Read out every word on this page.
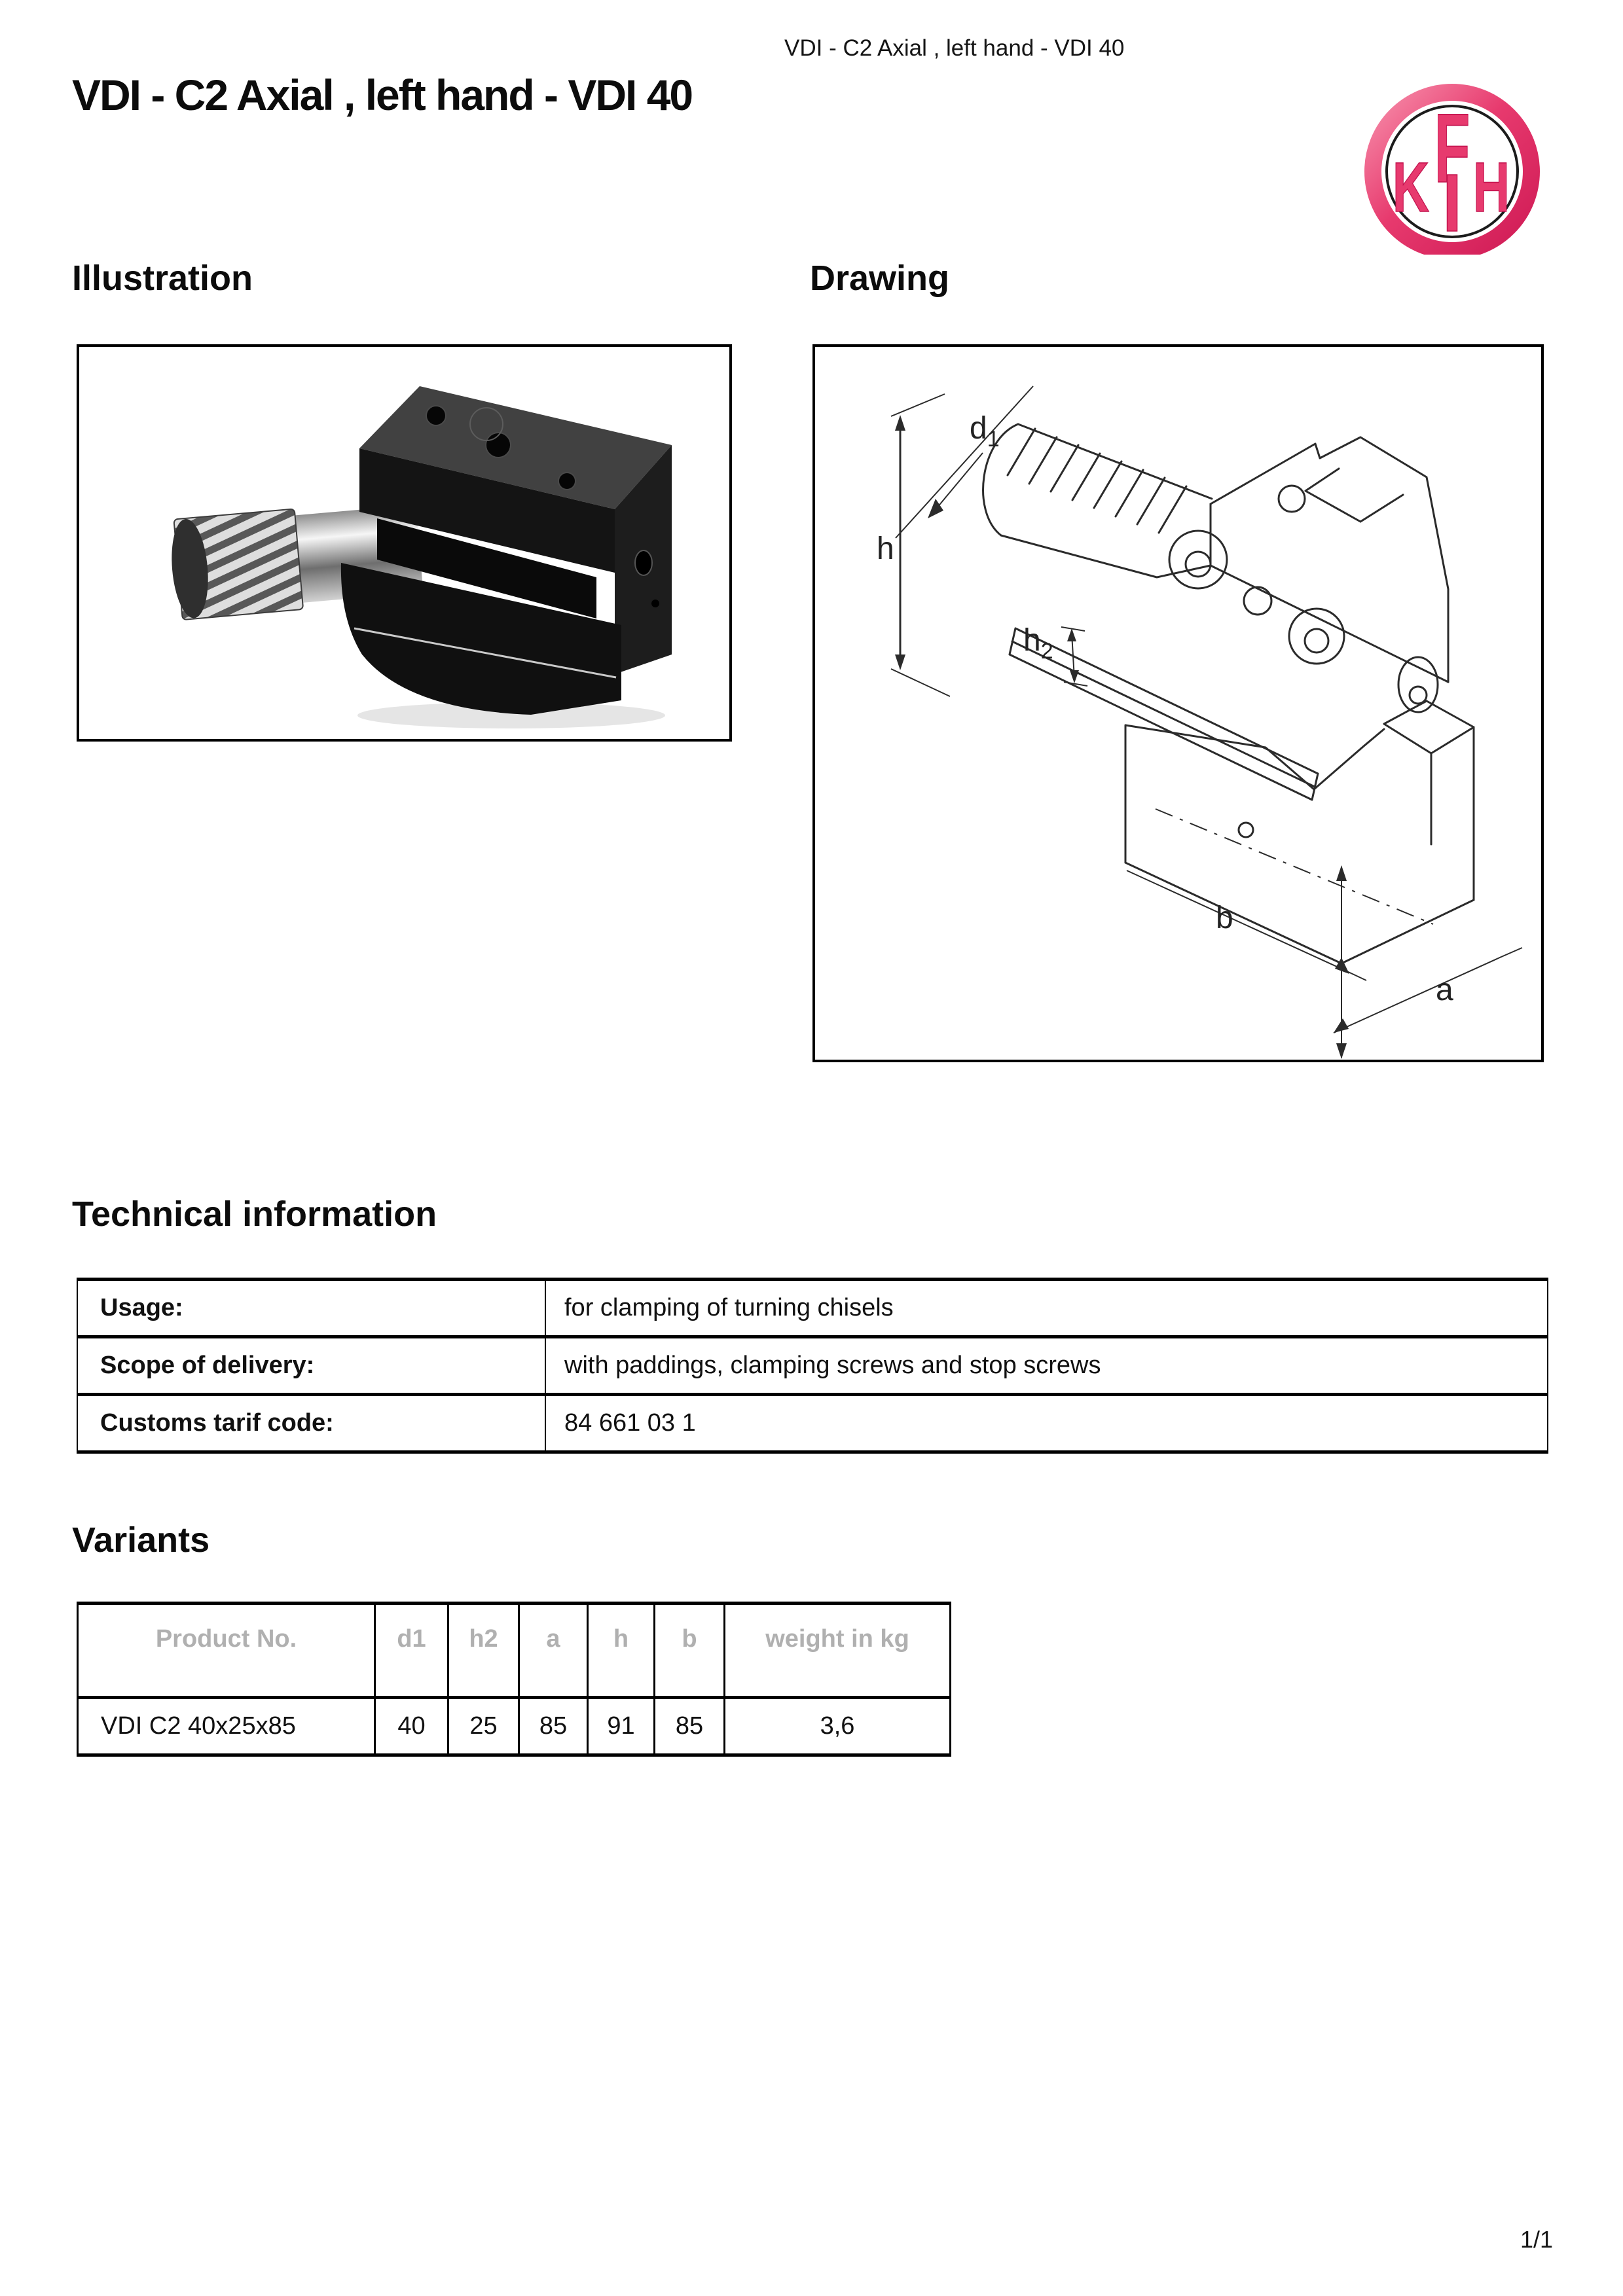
VDI - C2 Axial , left hand - VDI 40
VDI - C2 Axial , left hand - VDI 40	F
K H
Illustration	Drawing
$d_1$
h
$h_2$
b
a
Technical information
Usage:	for clamping of turning chisels
Scope of delivery:	with paddings, clamping screws and stop screws
Customs tarif code:	84 661 03 1
Variants
Product No.	d1	h2	a	h	b	weight in kg
VDI C2 40x25x85	40	25	85	91	85	3,6
1/1
